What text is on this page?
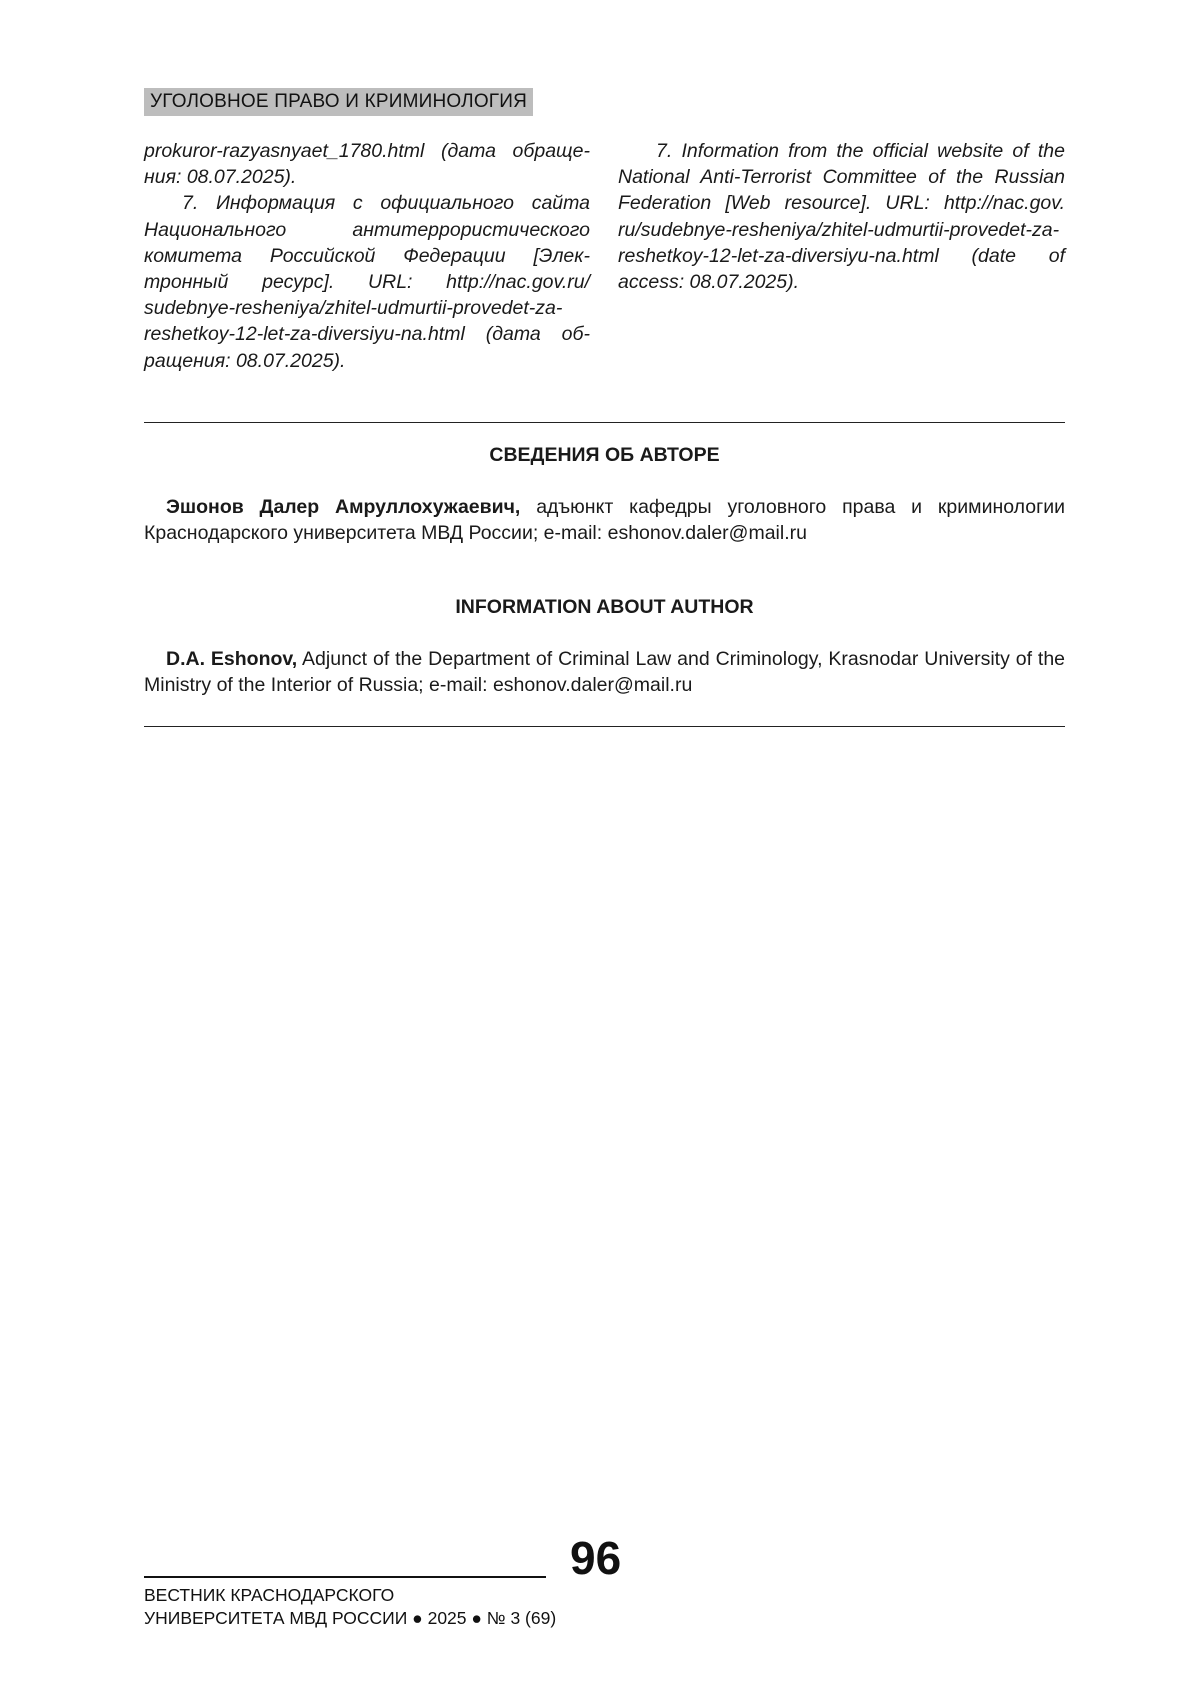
УГОЛОВНОЕ ПРАВО И КРИМИНОЛОГИЯ

prokuror-razyasnyaet_1780.html (дата обращения: 08.07.2025).

7. Информация с официального сайта Национального антитеррористического комитета Российской Федерации [Электронный ресурс]. URL: http://nac.gov.ru/ sudebnye-resheniya/zhitel-udmurtii-provedet-za-reshetkoy-12-let-za-diversiyu-na.html (дата обращения: 08.07.2025).

7. Information from the official website of the National Anti-Terrorist Committee of the Russian Federation [Web resource]. URL: http://nac.gov. ru/sudebnye-resheniya/zhitel-udmurtii-provedet-za-reshetkoy-12-let-za-diversiyu-na.html (date of access: 08.07.2025).

СВЕДЕНИЯ ОБ АВТОРЕ

Эшонов Далер Амруллохужаевич, адъюнкт кафедры уголовного права и криминологии Краснодарского университета МВД России; e-mail: eshonov.daler@mail.ru

INFORMATION ABOUT AUTHOR

D.A. Eshonov, Adjunct of the Department of Criminal Law and Criminology, Krasnodar University of the Ministry of the Interior of Russia; e-mail: eshonov.daler@mail.ru

96
ВЕСТНИК КРАСНОДАРСКОГО
УНИВЕРСИТЕТА МВД РОССИИ ● 2025 ● № 3 (69)
